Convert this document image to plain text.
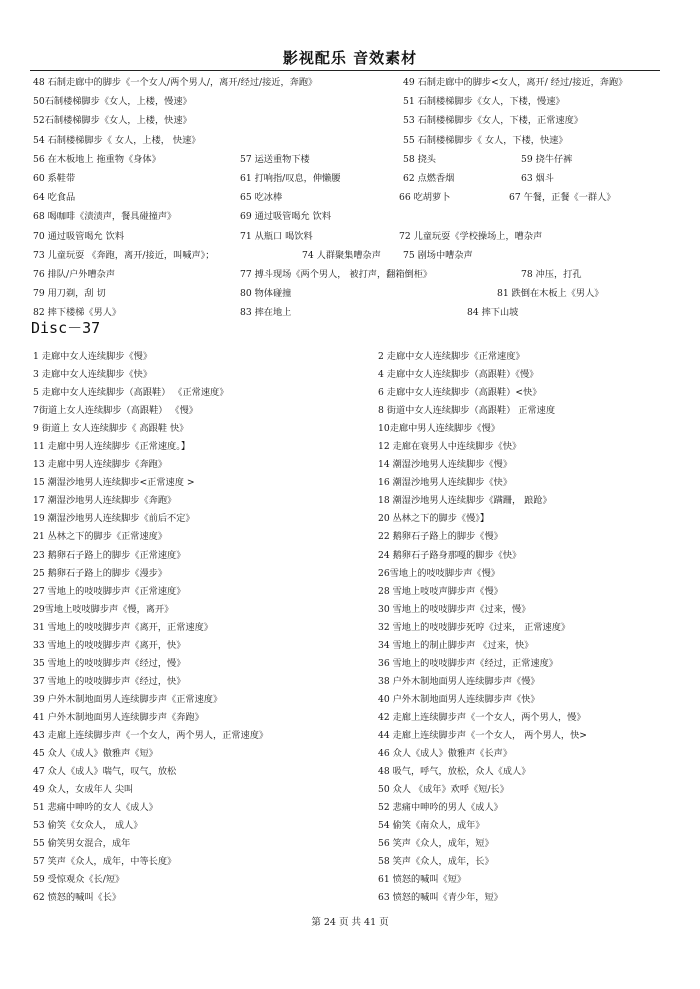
影视配乐 音效素材
48 石制走廊中的脚步《一个女人/两个男人/，离开/经过/接近，奔跑》	49 石制走廊中的脚步<女人，离开/ 经过/接近，奔跑》
50石制楼梯脚步《女人，上楼，慢速》	51 石制楼梯脚步《女人，下楼，慢速》
52石制楼梯脚步《女人，上楼，快速》	53 石制楼梯脚步《女人，下楼，正常速度》
54 石制楼梯脚步《 女人，上楼， 快速》	55 石制楼梯脚步《 女人，下楼，快速》
56 在木板地上 拖重物《身体》	57 运送重物下楼	58 挠头	59 挠牛仔裤
60 系鞋带	61 打响指/叹息，伸懒腰	62 点燃香烟	63 烟斗
64 吃食品	65 吃冰棒	66 吃胡萝卜	67 午餐，正餐《一群人》
68 喝咖啡《渍渍声，餐具碰撞声》	69 通过吸管喝允 饮料
70 通过吸管喝允 饮料	71 从瓶口 喝饮料	72 儿童玩耍《学校操场上，嘈杂声
73 儿童玩耍 《奔跑，离开/接近，叫喊声》；	74 人群聚集嘈杂声 75 剧场中嘈杂声
76 排队/户外嘈杂声	77 搏斗现场《两个男人， 被打声，翻箱倒柜》	78 冲压，打孔
79 用刀剃，刮 切	80 物体碰撞	81 跌倒在木板上《男人》
82 摔下楼梯《男人》	83 摔在地上	84 摔下山坡
Disc－37
1 走廊中女人连续脚步《慢》	2 走廊中女人连续脚步《正常速度》
3 走廊中女人连续脚步《快》	4 走廊中女人连续脚步（高跟鞋）《慢》
5 走廊中女人连续脚步（高跟鞋） 《正常速度》	6 走廊中女人连续脚步（高跟鞋）<快》
7街道上女人连续脚步（高跟鞋） 《慢》	8 街道中女人连续脚步（高跟鞋） 正常速度
9 街道上 女人连续脚步《 高跟鞋 快》	10走廊中男人连续脚步《慢》
11 走廊中男人连续脚步《正常速度。】	12 走廊在衰男人中连续脚步《快》
13 走廊中男人连续脚步《奔跑》	14 潮湿沙地男人连续脚步《慢》
15 潮湿沙地男人连续脚步<正常速度 >	16 潮湿沙地男人连续脚步《快》
17 潮湿沙地男人连续脚步《奔跑》	18 潮湿沙地男人连续脚步《蹒跚， 踉跄》
19 潮湿沙地男人连续脚步《前后不定》	20 丛林之下的脚步《慢》】
21 丛林之下的脚步《正常速度》	22 鹅卵石子路上的脚步《慢》
23 鹅卵石子路上的脚步《正常速度》	24 鹅卵石子路身那嘎的脚步《快》
25 鹅卵石子路上的脚步《漫步》	26雪地上的吱吱脚步声《慢》
27 雪地上的吱吱脚步声《正常速度》	28 雪地上吱吱声脚步声《慢》
29雪地上吱吱脚步声《慢，离开》	30 雪地上的吱吱脚步声《过来，慢》
31 雪地上的吱吱脚步声《离开，正常速度》	32 雪地上的吱吱脚步死哼《过来， 正常速度》
33 雪地上的吱吱脚步声《离开，快》	34 雪地上的制止脚步声 《过来，快》
35 雪地上的吱吱脚步声《经过，慢》	36 雪地上的吱吱脚步声《经过，正常速度》
37 雪地上的吱吱脚步声《经过，快》	38 户外木制地面男人连续脚步声《慢》
39 户外木制地面男人连续脚步声《正常速度》	40 户外木制地面男人连续脚步声《快》
41 户外木制地面男人连续脚步声《奔跑》	42 走廊上连续脚步声《一个女人，两个男人，慢》
43 走廊上连续脚步声《一个女人，两个男人，正常速度》	44 走廊上连续脚步声《一个女人， 两个男人，快>
45 众人《成人》傲雅声《短》	46 众人《成人》傲雅声《长声》
47 众人《成人》喘气，叹气，放松	48 吸气，呼气，放松，众人《成人》
49 众人，女成年人 尖叫	50 众人 《成年》欢呼《短/长》
51 悲痛中呻吟的女人《成人》	52 悲痛中呻吟的男人《成人》
53 偷笑《女众人， 成人》	54 偷笑《南众人，成年》
55 偷笑男女混合，成年	56 笑声《众人，成年，短》
57 笑声《众人，成年，中等长度》	58 笑声《众人，成年，长》
59 受惊观众《长/短》	61 愤怒的喊叫《短》
62 愤怒的喊叫《长》	63 愤怒的喊叫《青少年，短》
第 24 页 共 41 页
